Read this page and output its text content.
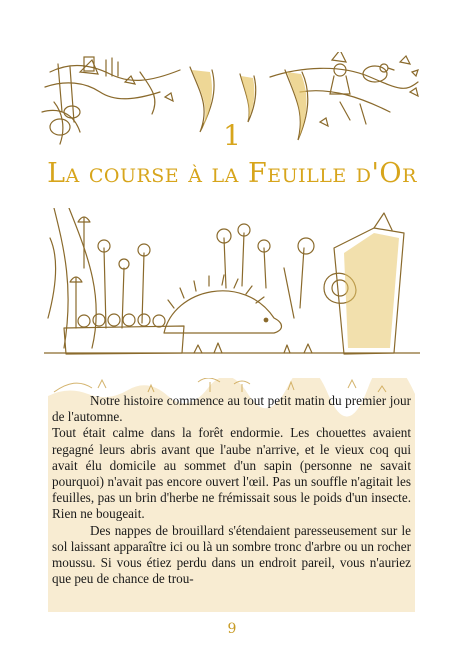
1
La course à la Feuille d'Or

Notre histoire commence au tout petit matin du premier jour de l'automne.

Tout était calme dans la forêt endormie. Les chouettes avaient regagné leurs abris avant que l'aube n'arrive, et le vieux coq qui avait élu domicile au sommet d'un sapin (personne ne savait pourquoi) n'avait pas encore ouvert l'œil. Pas un souffle n'agitait les feuilles, pas un brin d'herbe ne frémissait sous le poids d'un insecte. Rien ne bougeait.

Des nappes de brouillard s'étendaient paresseusement sur le sol laissant apparaître ici ou là un sombre tronc d'arbre ou un rocher moussu. Si vous étiez perdu dans un endroit pareil, vous n'auriez que peu de chance de trou-

9
